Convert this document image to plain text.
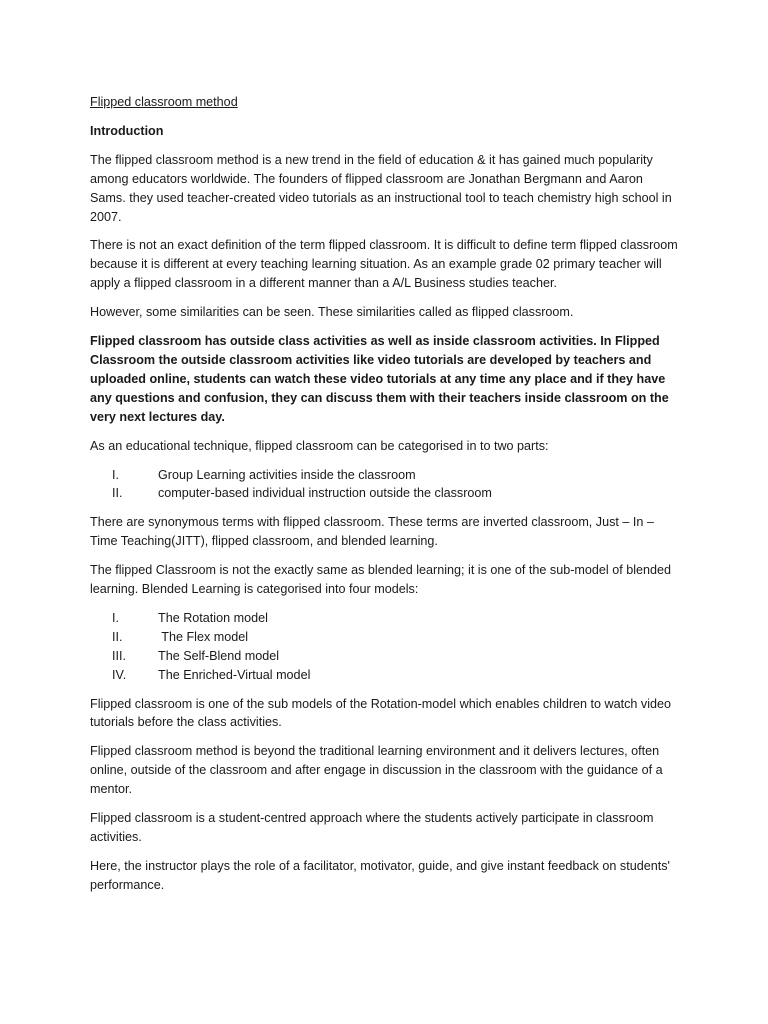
Flipped classroom method
Introduction

The flipped classroom method is a new trend in the field of education & it has gained much popularity among educators worldwide. The founders of flipped classroom are Jonathan Bergmann and Aaron Sams. they used teacher-created video tutorials as an instructional tool to teach chemistry high school in 2007.

There is not an exact definition of the term flipped classroom. It is difficult to define term flipped classroom because it is different at every teaching learning situation. As an example grade 02 primary teacher will apply a flipped classroom in a different manner than a A/L Business studies teacher.

However, some similarities can be seen. These similarities called as flipped classroom.

Flipped classroom has outside class activities as well as inside classroom activities. In Flipped Classroom the outside classroom activities like video tutorials are developed by teachers and uploaded online, students can watch these video tutorials at any time any place and if they have any questions and confusion, they can discuss them with their teachers inside classroom on the very next lectures day.

As an educational technique, flipped classroom can be categorised in to two parts:

I.	Group Learning activities inside the classroom
II.	computer-based individual instruction outside the classroom

There are synonymous terms with flipped classroom. These terms are inverted classroom, Just – In – Time Teaching(JITT), flipped classroom, and blended learning.

The flipped Classroom is not the exactly same as blended learning; it is one of the sub-model of blended learning. Blended Learning is categorised into four models:

I.	The Rotation model
II.	The Flex model
III.	The Self-Blend model
IV.	The Enriched-Virtual model

Flipped classroom is one of the sub models of the Rotation-model which enables children to watch video tutorials before the class activities.

Flipped classroom method is beyond the traditional learning environment and it delivers lectures, often online, outside of the classroom and after engage in discussion in the classroom with the guidance of a mentor.

Flipped classroom is a student-centred approach where the students actively participate in classroom activities.

Here, the instructor plays the role of a facilitator, motivator, guide, and give instant feedback on students' performance.
